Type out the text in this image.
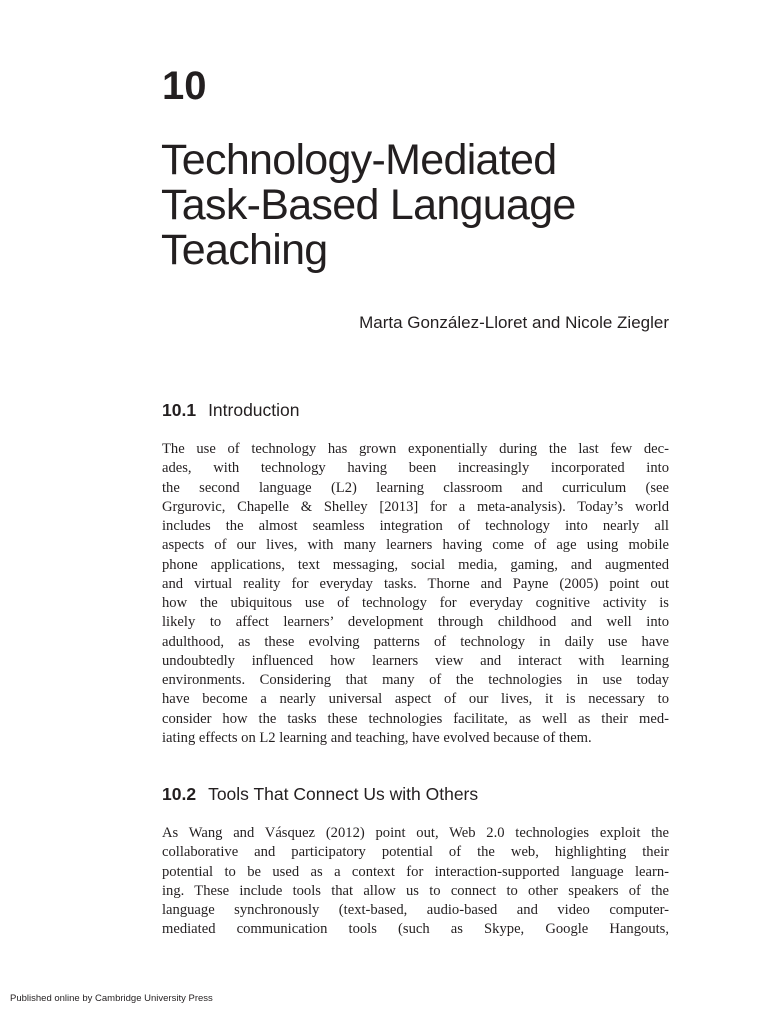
10
Technology-Mediated
Task-Based Language
Teaching

Marta González-Lloret and Nicole Ziegler

10.1 Introduction
The use of technology has grown exponentially during the last few dec-
ades, with technology having been increasingly incorporated into
the second language (L2) learning classroom and curriculum (see
Grgurovic, Chapelle & Shelley [2013] for a meta-analysis). Today’s world
includes the almost seamless integration of technology into nearly all
aspects of our lives, with many learners having come of age using mobile
phone applications, text messaging, social media, gaming, and augmented
and virtual reality for everyday tasks. Thorne and Payne (2005) point out
how the ubiquitous use of technology for everyday cognitive activity is
likely to affect learners’ development through childhood and well into
adulthood, as these evolving patterns of technology in daily use have
undoubtedly influenced how learners view and interact with learning
environments. Considering that many of the technologies in use today
have become a nearly universal aspect of our lives, it is necessary to
consider how the tasks these technologies facilitate, as well as their med-
iating effects on L2 learning and teaching, have evolved because of them.
10.2 Tools That Connect Us with Others
As Wang and Vásquez (2012) point out, Web 2.0 technologies exploit the
collaborative and participatory potential of the web, highlighting their
potential to be used as a context for interaction-supported language learn-
ing. These include tools that allow us to connect to other speakers of the
language synchronously (text-based, audio-based and video computer-
mediated communication tools (such as Skype, Google Hangouts,

Published online by Cambridge University Press
